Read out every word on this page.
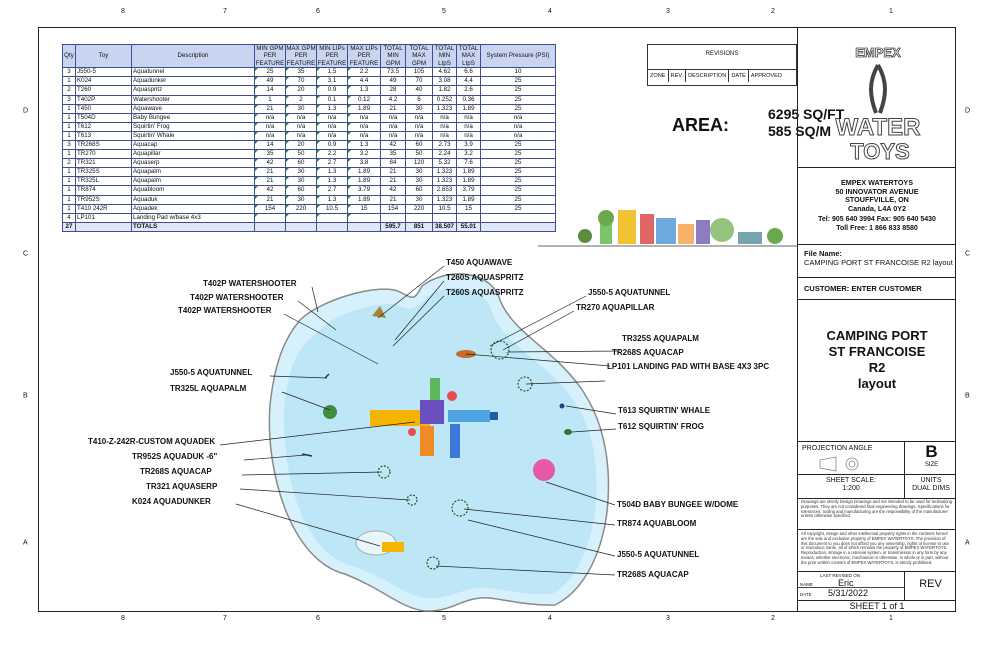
8	7	6	5	4	3	2	1
8	7	6	5	4	3	2	1
D
C
B
A
D
C
B
A
Qty	Toy	Description	MIN GPM PER FEATURE	MAX GPM PER FEATURE	MIN LIPs PER FEATURE	MAX LIPs PER FEATURE	TOTAL MIN GPM	TOTAL MAX GPM	TOTAL MIN LtpS	TOTAL MAX LtpS	System Pressure (PSI)
3	J550-5	Aquatunnel	25	35	1.5	2.2	73.5	105	4.62	6.6	10
1	K024	Aquadunker	49	70	3.1	4.4	49	70	3.08	4.4	25
2	T260	Aquaspritz	14	20	0.9	1.3	28	40	1.82	2.6	25
3	T402P	Watershooter	1	2	0.1	0.12	4.2	6	0.252	0.36	25
1	T450	Aquawave	21	30	1.3	1.89	21	30	1.323	1.89	25
1	T504D	Baby Bungee	n/a	n/a	n/a	n/a	n/a	n/a	n/a	n/a	n/a
1	T612	Squirtin' Frog	n/a	n/a	n/a	n/a	n/a	n/a	n/a	n/a	n/a
1	T613	Squirtin' Whale	n/a	n/a	n/a	n/a	n/a	n/a	n/a	n/a	n/a
3	TR268S	Aquacap	14	20	0.9	1.3	42	60	2.73	3.9	25
1	TR270	Aquapillar	35	50	2.2	3.2	35	50	2.24	3.2	25
2	TR321	Aquaserp	42	60	2.7	3.8	84	120	5.32	7.6	25
1	TR325S	Aquapalm	21	30	1.3	1.89	21	30	1.323	1.89	25
1	TR325L	Aquapalm	21	30	1.3	1.89	21	30	1.323	1.89	25
1	TR874	Aquabloom	42	60	2.7	3.79	42	60	2.653	3.79	25
1	TR952S	Aquaduk	21	30	1.3	1.89	21	30	1.323	1.89	25
1	T410 242R	Aquadek	154	220	10.5	15	154	220	10.5	15	25
4	LP101	Landing Pad w/base 4x3									
27		TOTALS					595.7	851	38.507	55.01	
REVISIONS
ZONE REV. DESCRIPTION DATE APPROVED
AREA:
6295 SQ/FT
585 SQ/M
T450 AQUAWAVE
T260S AQUASPRITZ
T260S AQUASPRITZ	J550-5 AQUATUNNEL
TR270 AQUAPILLAR
T402P WATERSHOOTER
T402P WATERSHOOTER
T402P WATERSHOOTER
TR325S AQUAPALM
TR268S AQUACAP
LP101 LANDING PAD WITH BASE 4X3 3PC
J550-5 AQUATUNNEL
TR325L AQUAPALM
T613 SQUIRTIN' WHALE
T612 SQUIRTIN' FROG
T410-Z-242R-CUSTOM AQUADEK
TR952S AQUADUK -6"
TR268S AQUACAP
TR321 AQUASERP
K024 AQUADUNKER	T504D BABY BUNGEE W/DOME
TR874 AQUABLOOM
J550-5 AQUATUNNEL
TR268S AQUACAP
EMPEX
WATER
TOYS
EMPEX WATERTOYS
50 INNOVATOR AVENUE
STOUFFVILLE, ON
Canada, L4A 0Y2
Tel: 905 640 3994 Fax: 905 640 5430
Toll Free: 1 866 833 8580
File Name:
CAMPING PORT ST FRANCOISE R2 layout
CUSTOMER: ENTER CUSTOMER
CAMPING PORT
ST FRANCOISE
R2
layout
PROJECTION ANGLE	B
SIZE
SHEET SCALE:
1:200
UNITS
DUAL DIMS
Drawings are strictly Design Drawings and not intended to be used for toolmaking purposes. They are not considered final engineering drawings. Specifications for tolerances, tooling and manufacturing are the responsibility of the manufacturer unless otherwise specified.
All copyright, design and other intellectual property rights in the contents hereof are the sole and exclusive property of EMPEX WATERTOYS. The provision of this document to you does not afford you any ownership, rights or license to use or reproduce same, all of which remains the property of EMPEX WATERTOYS. Reproduction, storage in a retrieval system, or transmission in any form by any means, whether electronic, mechanical or otherwise, in whole or in part, without the prior written consent of EMPEX WATERTOYS, is strictly prohibited.
LAST REVISED ON
NAME	Eric
DATE 5/31/2022
REV
SHEET 1 of 1
